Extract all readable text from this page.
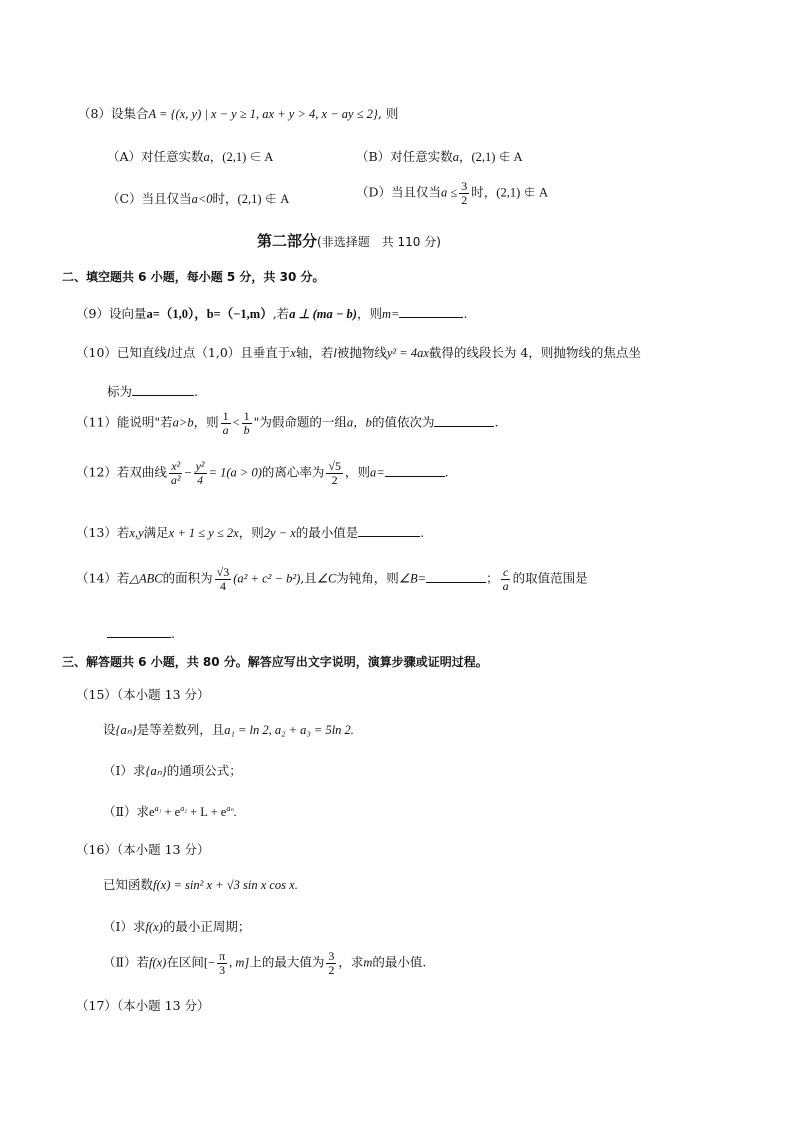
（8）设集合A = {(x, y) | x − y ≥ 1, ax + y > 4, x − ay ≤ 2}, 则
（A）对任意实数a，(2,1) ∈ A	（B）对任意实数a，(2,1) ∉ A
（C）当且仅当a<0时，(2,1) ∉ A	（D）当且仅当$a \le \frac{3}{2}$ 时，(2,1) ∉ A
第二部分(非选择题　共 110 分)
二、填空题共 6 小题，每小题 5 分，共 30 分。
（9）设向量a=（1,0），b=（−1,m）,若a ⊥ (ma − b)，则m=	.
（10）已知直线l过点（1,0）且垂直于x轴，若l被抛物线y² = 4ax截得的线段长为 4，则抛物线的焦点坐
标为	.
（11）能说明"若a>b，则 $\frac{1}{a} < \frac{1}{b}$ "为假命题的一组a，b的值依次为	.
（12）若双曲线 $\frac{\text{x²}}{\text{a²}} - \frac{\text{y²}}{4} = 1(a > 0)$的离心率为 $\frac{√5}{2}$ ，则a=	.
（13）若x,y满足x + 1 ≤ y ≤ 2x，则2y − x的最小值是	.
（14）若△ABC的面积为 $\frac{√3}{4} (a^2 + c^2 - b^2)$,且∠C为钝角，则∠B=	； $\frac{c}{a}$ 的取值范围是
.
三、解答题共 6 小题，共 80 分。解答应写出文字说明，演算步骤或证明过程。
（15）（本小题 13 分）
设{aₙ}是等差数列，且a₁ = ln 2, a₂ + a₃ = 5ln 2.
（Ⅰ）求{aₙ}的通项公式；
（Ⅱ）求$e^{a_1} + e^{a_2} + L + e^{a_n}$.
（16）（本小题 13 分）
已知函数f(x) = sin² x + √3 sin x cos x.
（Ⅰ）求f(x)的最小正周期；
（Ⅱ）若f(x)在区间[− $\frac{\pi}{3}$ , m]上的最大值为 $\frac{3}{2}$ ，求m的最小值.
（17）（本小题 13 分）
